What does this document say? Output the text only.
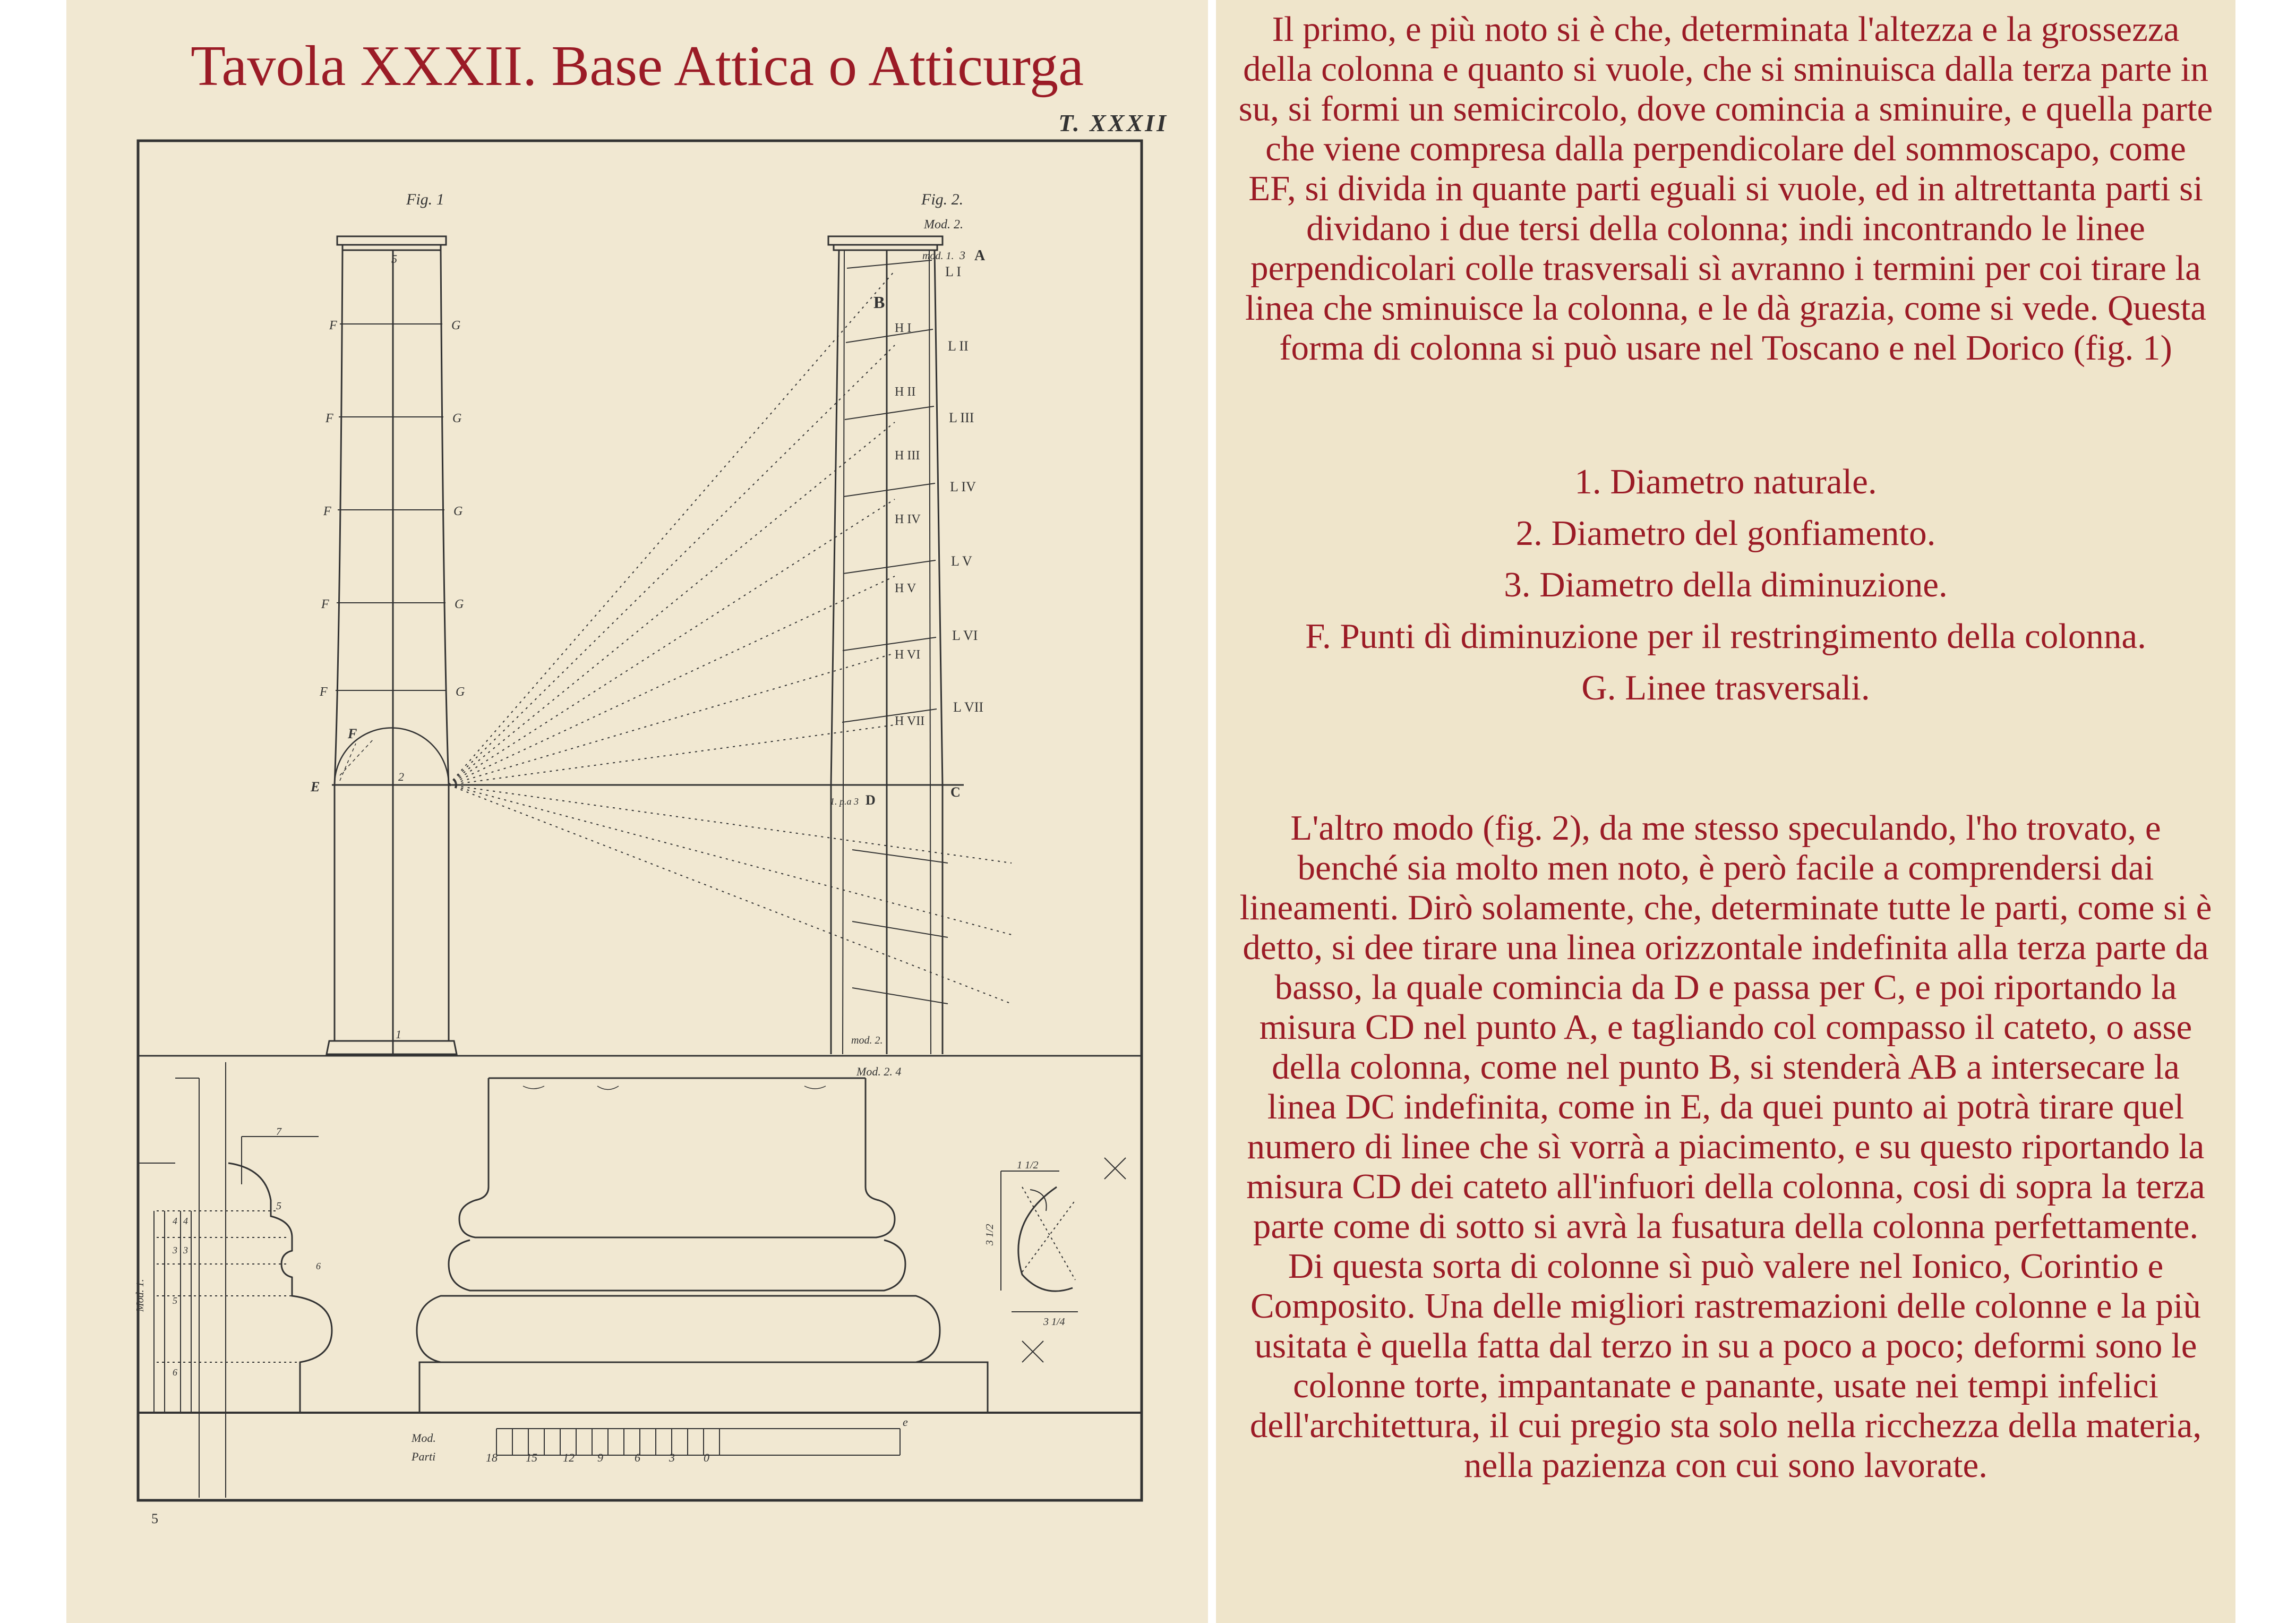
Tavola XXXII. Base Attica o Atticurga
Fig. 1	Fig. 2.
Mod. 2.
mod. 1. 3 A
F
F
F
F
F
G
G
G
G
G
F
E
2
5
1
B
C
D
1. p.a 3
mod. 2.
Mod. 2. 4
H I
H II
H III
H IV
H V
H VI
H VII
L I
L II
L III
L IV
L V
L VI
L VII
Mod.
Parti	18 15 12 9	6 3 0
e
Mod. 1.
7
5
4 4
3 3
6
5
6
1 1/2
3 1/2
3 1/4
T. XXXII
5

Il primo, e più noto si è che, determinata l'altezza e la grossezza della colonna e quanto si vuole, che si sminuisca dalla terza parte in su, si formi un semicircolo, dove comincia a sminuire, e quella parte che viene compresa dalla perpendicolare del sommoscapo, come EF, si divida in quante parti eguali si vuole, ed in altrettanta parti si dividano i due tersi della colonna; indi incontrando le linee perpendicolari colle trasversali sì avranno i termini per coi tirare la linea che sminuisce la colonna, e le dà grazia, come si vede. Questa forma di colonna si può usare nel Toscano e nel Dorico (fig. 1)

1. Diametro naturale.

2. Diametro del gonfiamento.

3. Diametro della diminuzione.

F. Punti dì diminuzione per il restringimento della colonna.

G. Linee trasversali.

L'altro modo (fig. 2), da me stesso speculando, l'ho trovato, e benché sia molto men noto, è però facile a comprendersi dai lineamenti. Dirò solamente, che, determinate tutte le parti, come si è detto, si dee tirare una linea orizzontale indefinita alla terza parte da basso, la quale comincia da D e passa per C, e poi riportando la misura CD nel punto A, e tagliando col compasso il cateto, o asse della colonna, come nel punto B, si stenderà AB a intersecare la linea DC indefinita, come in E, da quei punto ai potrà tirare quel numero di linee che sì vorrà a piacimento, e su questo riportando la misura CD dei cateto all'infuori della colonna, cosi di sopra la terza parte come di sotto si avrà la fusatura della colonna perfettamente. Di questa sorta di colonne sì può valere nel Ionico, Corintio e Composito. Una delle migliori rastremazioni delle colonne e la più usitata è quella fatta dal terzo in su a poco a poco; deformi sono le colonne torte, impantanate e panante, usate nei tempi infelici dell'architettura, il cui pregio sta solo nella ricchezza della materia, nella pazienza con cui sono lavorate.
